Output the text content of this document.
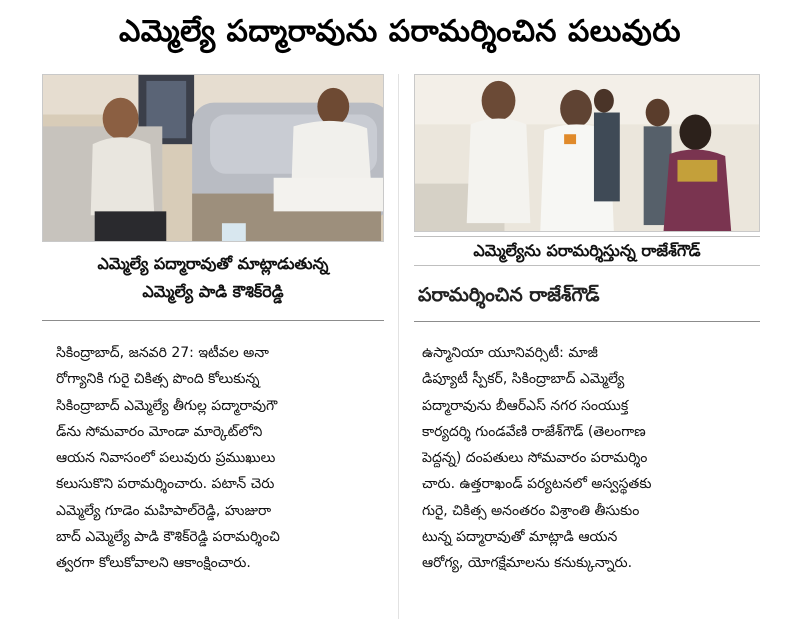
ఎమ్మెల్యే పద్మారావును పరామర్శించిన పలువురు
ఎమ్మెల్యే పద్మారావుతో మాట్లాడుతున్న
ఎమ్మెల్యే పాడి కౌశిక్‌రెడ్డి
ఎమ్మెల్యేను పరామర్శిస్తున్న రాజేశ్‌గౌడ్
పరామర్శించిన రాజేశ్‌గౌడ్
సికింద్రాబాద్, జనవరి 27: ఇటీవల అనా
రోగ్యానికి గురై చికిత్స పొంది కోలుకున్న
సికింద్రాబాద్ ఎమ్మెల్యే తీగుల్ల పద్మారావుగౌ
డ్‌ను సోమవారం మోండా మార్కెట్‌లోని
ఆయన నివాసంలో పలువురు ప్రముఖులు
కలుసుకొని పరామర్శించారు. పటాన్ చెరు
ఎమ్మెల్యే గూడెం మహిపాల్‌రెడ్డి, హుజురా
బాద్ ఎమ్మెల్యే పాడి కౌశిక్‌రెడ్డి పరామర్శించి
త్వరగా కోలుకోవాలని ఆకాంక్షించారు.
ఉస్మానియా యూనివర్సిటీ: మాజీ
డిప్యూటీ స్పీకర్, సికింద్రాబాద్ ఎమ్మెల్యే
పద్మారావును బీఆర్ఎస్ నగర సంయుక్త
కార్యదర్శి గుండవేణి రాజేశ్‌గౌడ్ (తెలంగాణ
పెద్దన్న) దంపతులు సోమవారం పరామర్శిం
చారు. ఉత్తరాఖండ్ పర్యటనలో అస్వస్థతకు
గురై, చికిత్స అనంతరం విశ్రాంతి తీసుకుం
టున్న పద్మారావుతో మాట్లాడి ఆయన
ఆరోగ్య, యోగక్షేమాలను కనుక్కున్నారు.
